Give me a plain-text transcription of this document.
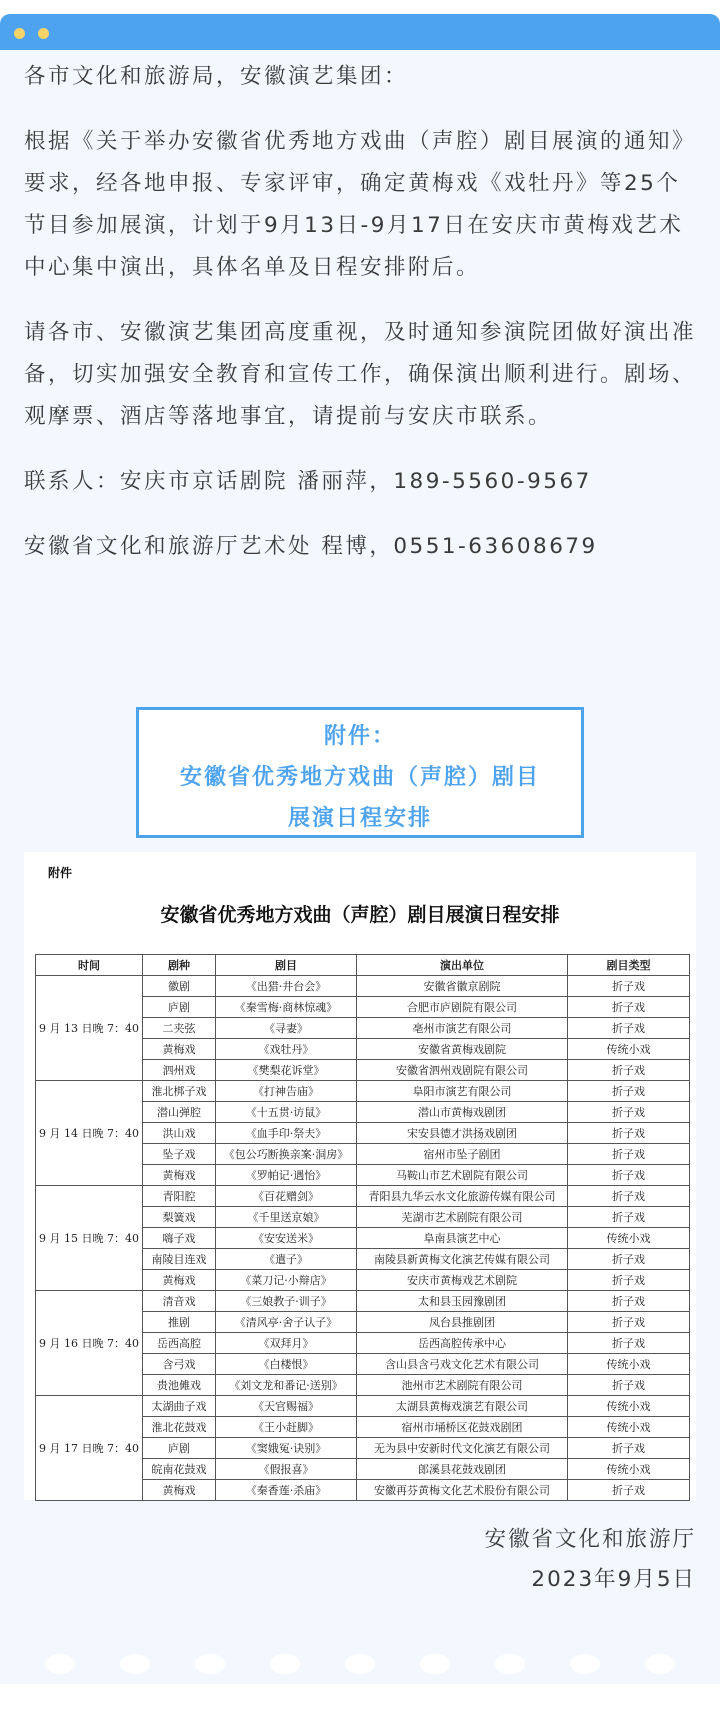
各市文化和旅游局，安徽演艺集团：

根据《关于举办安徽省优秀地方戏曲（声腔）剧目展演的通知》要求，经各地申报、专家评审，确定黄梅戏《戏牡丹》等25个节目参加展演，计划于9月13日-9月17日在安庆市黄梅戏艺术中心集中演出，具体名单及日程安排附后。

请各市、安徽演艺集团高度重视，及时通知参演院团做好演出准备，切实加强安全教育和宣传工作，确保演出顺利进行。剧场、观摩票、酒店等落地事宜，请提前与安庆市联系。

联系人：安庆市京话剧院 潘丽萍，189-5560-9567

安徽省文化和旅游厅艺术处 程博，0551-63608679

附件：
安徽省优秀地方戏曲（声腔）剧目
展演日程安排
附件
安徽省优秀地方戏曲（声腔）剧目展演日程安排
时间	剧种	剧目	演出单位	剧目类型
9 月 13 日晚 7：40	徽剧	《出猎·井台会》	安徽省徽京剧院	折子戏
	庐剧	《秦雪梅·商林惊魂》	合肥市庐剧院有限公司	折子戏
	二夹弦	《寻妻》	亳州市演艺有限公司	折子戏
	黄梅戏	《戏牡丹》	安徽省黄梅戏剧院	传统小戏
	泗州戏	《樊梨花诉堂》	安徽省泗州戏剧院有限公司	折子戏
9 月 14 日晚 7：40	淮北梆子戏	《打神告庙》	阜阳市演艺有限公司	折子戏
	潜山弹腔	《十五贯·访鼠》	潜山市黄梅戏剧团	折子戏
	洪山戏	《血手印·祭夫》	宋安县德才洪扬戏剧团	折子戏
	坠子戏	《包公巧断换亲案·洞房》	宿州市坠子剧团	折子戏
	黄梅戏	《罗帕记·遇怡》	马鞍山市艺术剧院有限公司	折子戏
9 月 15 日晚 7：40	青阳腔	《百花赠剑》	青阳县九华云水文化旅游传媒有限公司	折子戏
	梨簧戏	《千里送京娘》	芜湖市艺术剧院有限公司	折子戏
	嗨子戏	《安安送米》	阜南县演艺中心	传统小戏
	南陵目连戏	《遣子》	南陵县新黄梅文化演艺传媒有限公司	折子戏
	黄梅戏	《菜刀记·小辩店》	安庆市黄梅戏艺术剧院	折子戏
9 月 16 日晚 7：40	清音戏	《三娘教子·训子》	太和县玉园豫剧团	折子戏
	推剧	《清风亭·舍子认子》	凤台县推剧团	折子戏
	岳西高腔	《双拜月》	岳西高腔传承中心	折子戏
	含弓戏	《白楼恨》	含山县含弓戏文化艺术有限公司	传统小戏
	贵池傩戏	《刘文龙和番记·送别》	池州市艺术剧院有限公司	折子戏
9 月 17 日晚 7：40	太湖曲子戏	《天官赐福》	太湖县黄梅戏演艺有限公司	传统小戏
	淮北花鼓戏	《王小赶脚》	宿州市埇桥区花鼓戏剧团	传统小戏
	庐剧	《窦娥冤·诀别》	无为县中安新时代文化演艺有限公司	折子戏
	皖南花鼓戏	《假报喜》	郎溪县花鼓戏剧团	传统小戏
	黄梅戏	《秦香莲·杀庙》	安徽再芬黄梅文化艺术股份有限公司	折子戏
安徽省文化和旅游厅
2023年9月5日
